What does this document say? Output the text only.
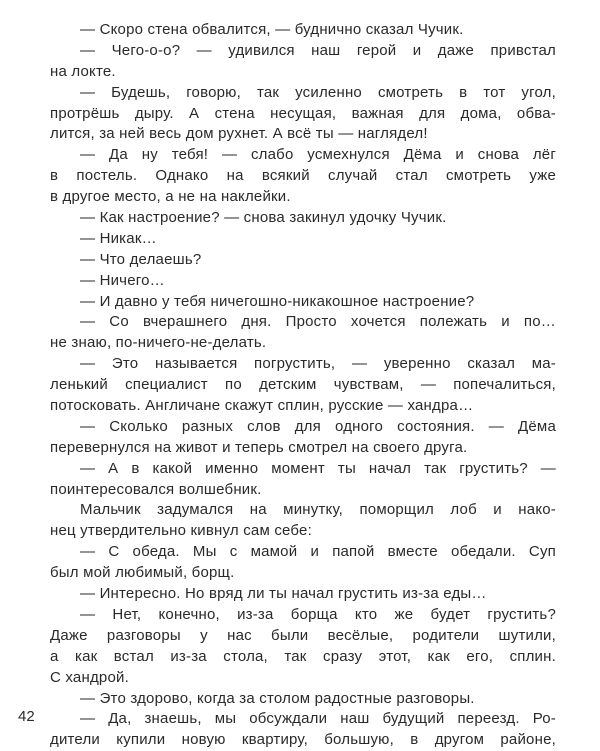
— Скоро стена обвалится, — буднично сказал Чучик.
— Чего-о-о? — удивился наш герой и даже привстал
на локте.
— Будешь, говорю, так усиленно смотреть в тот угол,
протрёшь дыру. А стена несущая, важная для дома, обва-
лится, за ней весь дом рухнет. А всё ты — наглядел!
— Да ну тебя! — слабо усмехнулся Дёма и снова лёг
в постель. Однако на всякий случай стал смотреть уже
в другое место, а не на наклейки.
— Как настроение? — снова закинул удочку Чучик.
— Никак…
— Что делаешь?
— Ничего…
— И давно у тебя ничегошно-никакошное настроение?
— Со вчерашнего дня. Просто хочется полежать и по…
не знаю, по-ничего-не-делать.
— Это называется погрустить, — уверенно сказал ма-
ленький специалист по детским чувствам, — попечалиться,
потосковать. Англичане скажут сплин, русские — хандра…
— Сколько разных слов для одного состояния. — Дёма
перевернулся на живот и теперь смотрел на своего друга.
— А в какой именно момент ты начал так грустить? —
поинтересовался волшебник.
Мальчик задумался на минутку, поморщил лоб и нако-
нец утвердительно кивнул сам себе:
— С обеда. Мы с мамой и папой вместе обедали. Суп
был мой любимый, борщ.
— Интересно. Но вряд ли ты начал грустить из-за еды…
— Нет, конечно, из-за борща кто же будет грустить?
Даже разговоры у нас были весёлые, родители шутили,
а как встал из-за стола, так сразу этот, как его, сплин.
С хандрой.
— Это здорово, когда за столом радостные разговоры.
— Да, знаешь, мы обсуждали наш будущий переезд. Ро-
дители купили новую квартиру, большую, в другом районе,
42
